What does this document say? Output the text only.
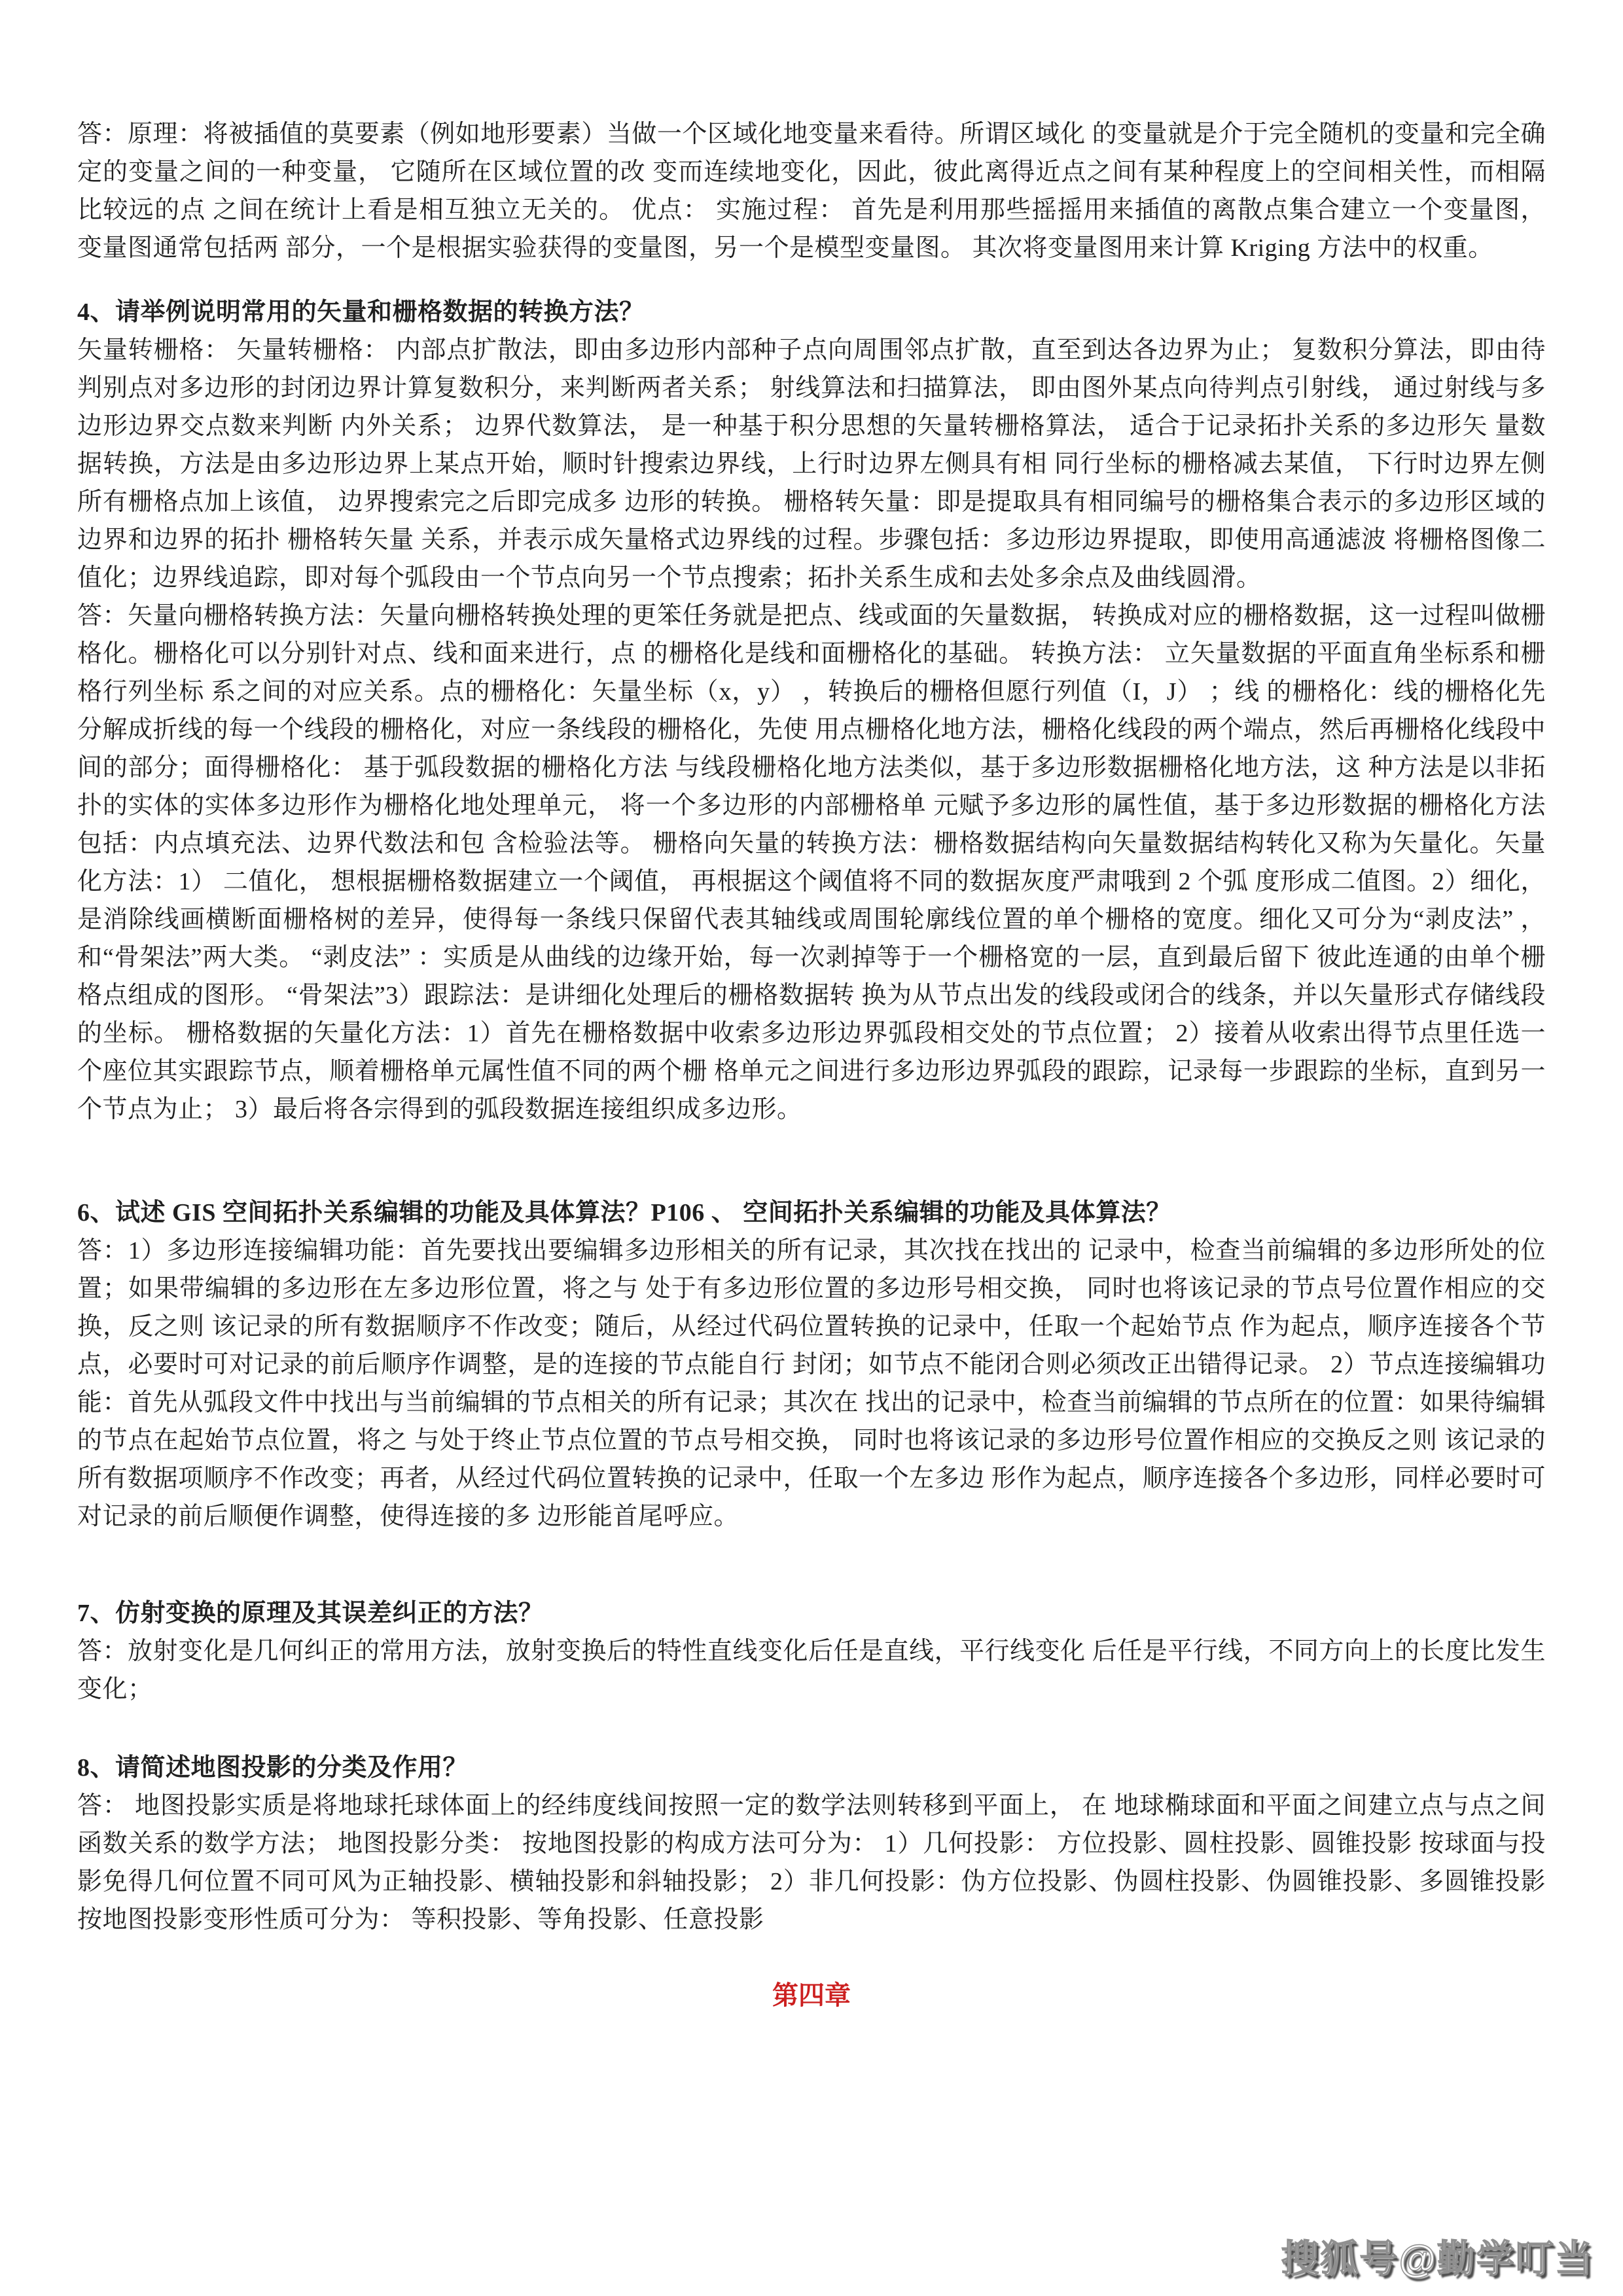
答：原理：将被插值的莫要素（例如地形要素）当做一个区域化地变量来看待。所谓区域化 的变量就是介于完全随机的变量和完全确定的变量之间的一种变量， 它随所在区域位置的改 变而连续地变化，因此，彼此离得近点之间有某种程度上的空间相关性，而相隔比较远的点 之间在统计上看是相互独立无关的。 优点： 实施过程： 首先是利用那些摇摇用来插值的离散点集合建立一个变量图， 变量图通常包括两 部分，一个是根据实验获得的变量图，另一个是模型变量图。 其次将变量图用来计算 Kriging 方法中的权重。

4、请举例说明常用的矢量和栅格数据的转换方法？

矢量转栅格： 矢量转栅格： 内部点扩散法，即由多边形内部种子点向周围邻点扩散，直至到达各边界为止； 复数积分算法，即由待判别点对多边形的封闭边界计算复数积分，来判断两者关系； 射线算法和扫描算法， 即由图外某点向待判点引射线， 通过射线与多边形边界交点数来判断 内外关系； 边界代数算法， 是一种基于积分思想的矢量转栅格算法， 适合于记录拓扑关系的多边形矢 量数据转换，方法是由多边形边界上某点开始，顺时针搜索边界线，上行时边界左侧具有相 同行坐标的栅格减去某值， 下行时边界左侧所有栅格点加上该值， 边界搜索完之后即完成多 边形的转换。 栅格转矢量：即是提取具有相同编号的栅格集合表示的多边形区域的边界和边界的拓扑 栅格转矢量 关系，并表示成矢量格式边界线的过程。步骤包括：多边形边界提取，即使用高通滤波 将栅格图像二值化；边界线追踪，即对每个弧段由一个节点向另一个节点搜索；拓扑关系生成和去处多余点及曲线圆滑。

答：矢量向栅格转换方法：矢量向栅格转换处理的更笨任务就是把点、线或面的矢量数据， 转换成对应的栅格数据，这一过程叫做栅格化。栅格化可以分别针对点、线和面来进行，点 的栅格化是线和面栅格化的基础。 转换方法： 立矢量数据的平面直角坐标系和栅格行列坐标 系之间的对应关系。点的栅格化：矢量坐标（x，y） ，转换后的栅格但愿行列值（I，J） ；线 的栅格化：线的栅格化先分解成折线的每一个线段的栅格化，对应一条线段的栅格化，先使 用点栅格化地方法，栅格化线段的两个端点，然后再栅格化线段中间的部分；面得栅格化： 基于弧段数据的栅格化方法 与线段栅格化地方法类似，基于多边形数据栅格化地方法，这 种方法是以非拓扑的实体的实体多边形作为栅格化地处理单元， 将一个多边形的内部栅格单 元赋予多边形的属性值，基于多边形数据的栅格化方法包括：内点填充法、边界代数法和包 含检验法等。 栅格向矢量的转换方法：栅格数据结构向矢量数据结构转化又称为矢量化。矢量化方法：1） 二值化， 想根据栅格数据建立一个阈值， 再根据这个阈值将不同的数据灰度严肃哦到 2 个弧 度形成二值图。2）细化，是消除线画横断面栅格树的差异，使得每一条线只保留代表其轴线或周围轮廓线位置的单个栅格的宽度。细化又可分为“剥皮法” ，和“骨架法”两大类。 “剥皮法” ：实质是从曲线的边缘开始，每一次剥掉等于一个栅格宽的一层，直到最后留下 彼此连通的由单个栅格点组成的图形。 “骨架法”3）跟踪法：是讲细化处理后的栅格数据转 换为从节点出发的线段或闭合的线条，并以矢量形式存储线段的坐标。 栅格数据的矢量化方法：1）首先在栅格数据中收索多边形边界弧段相交处的节点位置； 2）接着从收索出得节点里任选一个座位其实跟踪节点，顺着栅格单元属性值不同的两个栅 格单元之间进行多边形边界弧段的跟踪，记录每一步跟踪的坐标，直到另一个节点为止； 3）最后将各宗得到的弧段数据连接组织成多边形。

6、试述 GIS 空间拓扑关系编辑的功能及具体算法？P106 、 空间拓扑关系编辑的功能及具体算法？

答：1）多边形连接编辑功能：首先要找出要编辑多边形相关的所有记录，其次找在找出的 记录中，检查当前编辑的多边形所处的位置；如果带编辑的多边形在左多边形位置，将之与 处于有多边形位置的多边形号相交换， 同时也将该记录的节点号位置作相应的交换，反之则 该记录的所有数据顺序不作改变；随后，从经过代码位置转换的记录中，任取一个起始节点 作为起点，顺序连接各个节点，必要时可对记录的前后顺序作调整，是的连接的节点能自行 封闭；如节点不能闭合则必须改正出错得记录。 2）节点连接编辑功能：首先从弧段文件中找出与当前编辑的节点相关的所有记录；其次在 找出的记录中，检查当前编辑的节点所在的位置：如果待编辑的节点在起始节点位置，将之 与处于终止节点位置的节点号相交换， 同时也将该记录的多边形号位置作相应的交换反之则 该记录的所有数据项顺序不作改变；再者，从经过代码位置转换的记录中，任取一个左多边 形作为起点，顺序连接各个多边形，同样必要时可对记录的前后顺便作调整，使得连接的多 边形能首尾呼应。

7、仿射变换的原理及其误差纠正的方法？

答：放射变化是几何纠正的常用方法，放射变换后的特性直线变化后任是直线，平行线变化 后任是平行线，不同方向上的长度比发生变化；

8、请简述地图投影的分类及作用？

答： 地图投影实质是将地球托球体面上的经纬度线间按照一定的数学法则转移到平面上， 在 地球椭球面和平面之间建立点与点之间函数关系的数学方法； 地图投影分类： 按地图投影的构成方法可分为： 1）几何投影： 方位投影、圆柱投影、圆锥投影 按球面与投影免得几何位置不同可风为正轴投影、横轴投影和斜轴投影； 2）非几何投影：伪方位投影、伪圆柱投影、伪圆锥投影、多圆锥投影 按地图投影变形性质可分为： 等积投影、等角投影、任意投影

第四章

搜狐号@勤学叮当
